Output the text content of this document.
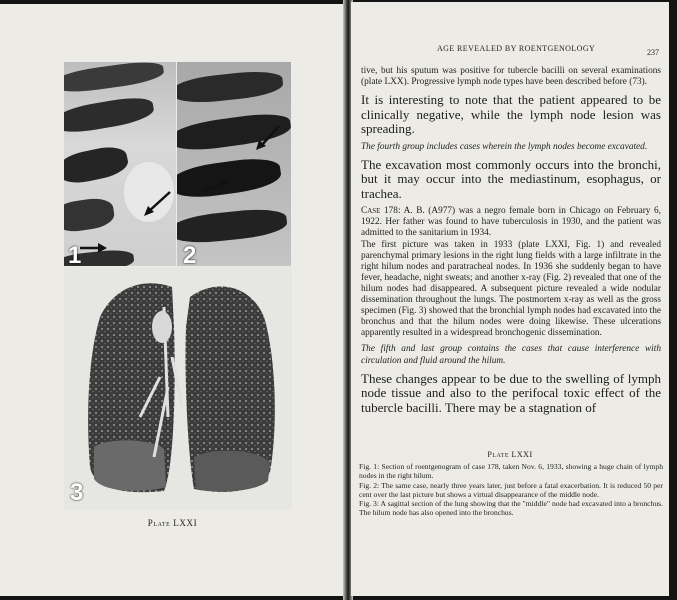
1	2
3
Plate LXXI
AGE REVEALED BY ROENTGENOLOGY	237

tive, but his sputum was positive for tubercle bacilli on several examinations (plate LXX). Progressive lymph node types have been described before (73).

It is interesting to note that the patient appeared to be clinically negative, while the lymph node lesion was spreading.

The fourth group includes cases wherein the lymph nodes become excavated.

The excavation most commonly occurs into the bronchi, but it may occur into the mediastinum, esophagus, or trachea.

Case 178: A. B. (A977) was a negro female born in Chicago on February 6, 1922. Her father was found to have tuberculosis in 1930, and the patient was admitted to the sanitarium in 1934.

The first picture was taken in 1933 (plate LXXI, Fig. 1) and revealed parenchymal primary lesions in the right lung fields with a large infiltrate in the right hilum nodes and paratracheal nodes. In 1936 she suddenly began to have fever, headache, night sweats; and another x-ray (Fig. 2) revealed that one of the hilum nodes had disappeared. A subsequent picture revealed a wide nodular dissemination throughout the lungs. The postmortem x-ray as well as the gross specimen (Fig. 3) showed that the bronchial lymph nodes had excavated into the bronchus and that the hilum nodes were doing likewise. These ulcerations apparently resulted in a widespread bronchogenic dissemination.

The fifth and last group contains the cases that cause interference with circulation and fluid around the hilum.

These changes appear to be due to the swelling of lymph node tissue and also to the perifocal toxic effect of the tubercle bacilli. There may be a stagnation of

Plate LXXI

Fig. 1: Section of roentgenogram of case 178, taken Nov. 6, 1933, showing a huge chain of lymph nodes in the right hilum.

Fig. 2: The same case, nearly three years later, just before a fatal exacerbation. It is reduced 50 per cent over the last picture but shows a virtual disappearance of the middle node.

Fig. 3: A sagittal section of the lung showing that the "middle" node had excavated into a bronchus. The hilum node has also opened into the bronchus.
